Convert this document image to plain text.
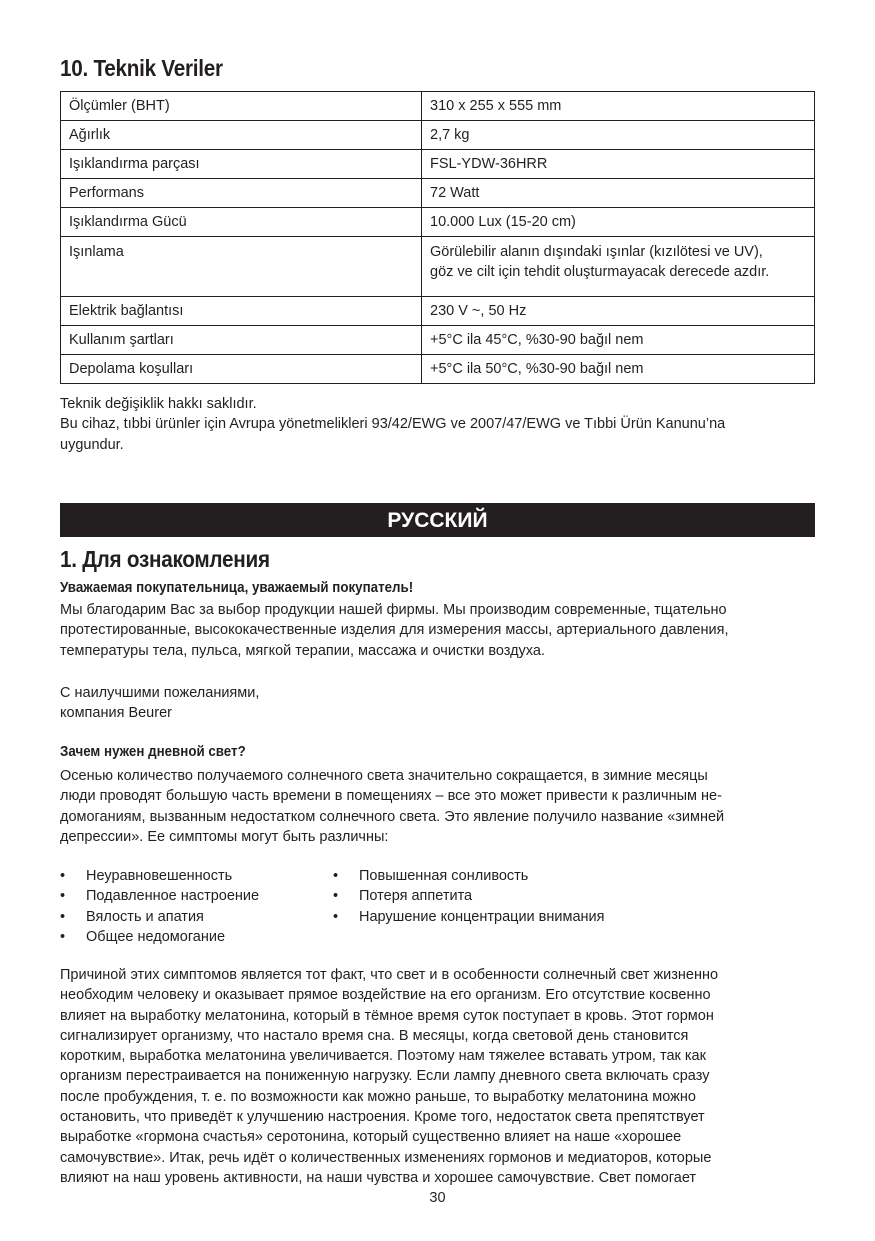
10. Teknik Veriler
Ölçümler (BHT)	310 x 255 x 555 mm
Ağırlık	2,7 kg
Işıklandırma parçası	FSL-YDW-36HRR
Performans	72 Watt
Işıklandırma Gücü	10.000 Lux (15-20 cm)
Işınlama	Görülebilir alanın dışındaki ışınlar (kızılötesi ve UV),
göz ve cilt için tehdit oluşturmayacak derecede azdır.

Elektrik bağlantısı	230 V ~, 50 Hz
Kullanım şartları	+5°C ila 45°C, %30-90 bağıl nem
Depolama koşulları	+5°C ila 50°C, %30-90 bağıl nem
Teknik değişiklik hakkı saklıdır.
Bu cihaz, tıbbi ürünler için Avrupa yönetmelikleri 93/42/EWG ve 2007/47/EWG ve Tıbbi Ürün Kanunu’na
uygundur.
РУССКИЙ
1. Для ознакомления
Уважаемая покупательница, уважаемый покупатель!
Мы благодарим Вас за выбор продукции нашей фирмы. Мы производим современные, тщательно
протестированные, высококачественные изделия для измерения массы, артериального давления,
температуры тела, пульса, мягкой терапии, массажа и очистки воздуха.
С наилучшими пожеланиями,
компания Beurer
Зачем нужен дневной свет?
Осенью количество получаемого солнечного света значительно сокращается, в зимние месяцы
люди проводят большую часть времени в помещениях – все это может привести к различным не-
домоганиям, вызванным недостатком солнечного света. Это явление получило название «зимней
депрессии». Ее симптомы могут быть различны:
• Неуравновешенность
• Подавленное настроение
• Вялость и апатия
• Общее недомогание
• Повышенная сонливость
• Потеря аппетита
• Нарушение концентрации внимания
Причиной этих симптомов является тот факт, что свет и в особенности солнечный свет жизненно
необходим человеку и оказывает прямое воздействие на его организм. Его отсутствие косвенно
влияет на выработку мелатонина, который в тёмное время суток поступает в кровь. Этот гормон
сигнализирует организму, что настало время сна. В месяцы, когда световой день становится
коротким, выработка мелатонина увеличивается. Поэтому нам тяжелее вставать утром, так как
организм перестраивается на пониженную нагрузку. Если лампу дневного света включать сразу
после пробуждения, т. е. по возможности как можно раньше, то выработку мелатонина можно
остановить, что приведёт к улучшению настроения. Кроме того, недостаток света препятствует
выработке «гормона счастья» серотонина, который существенно влияет на наше «хорошее
самочувствие». Итак, речь идёт о количественных изменениях гормонов и медиаторов, которые
влияют на наш уровень активности, на наши чувства и хорошее самочувствие. Свет помогает
30
